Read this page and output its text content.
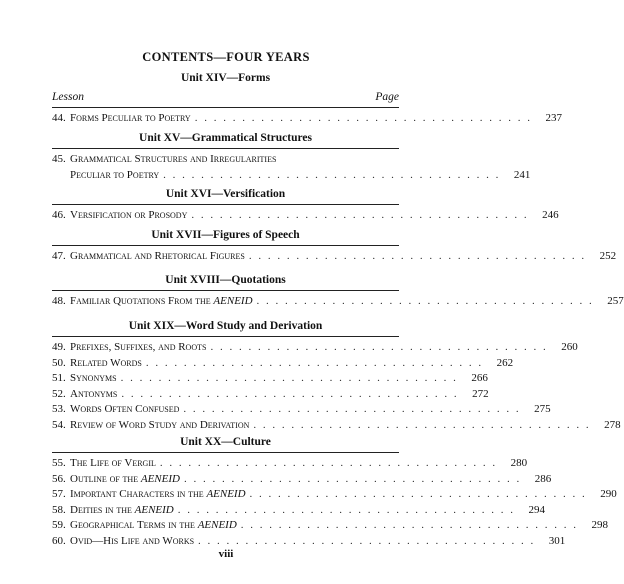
CONTENTS—FOUR YEARS
Unit XIV—Forms
Lesson	Page
44. Forms Peculiar to Poetry . . . . . . . . . . . . . . . . . . . . . . . . . . . . . . . . . . . .	237
Unit XV—Grammatical Structures
45. Grammatical Structures and Irregularities
Peculiar to Poetry . . . . . . . . . . . . . . . . . . . . . . . . . . . . . . . . . . . .	241
Unit XVI—Versification
46. Versification or Prosody . . . . . . . . . . . . . . . . . . . . . . . . . . . . . . . . . . . .	246
Unit XVII—Figures of Speech
47. Grammatical and Rhetorical Figures . . . . . . . . . . . . . . . . . . . . . . . . . . . . . . . . . . . .	252
Unit XVIII—Quotations
48. Familiar Quotations From the AENEID . . . . . . . . . . . . . . . . . . . . . . . . . . . . . . . . . . . .	257
Unit XIX—Word Study and Derivation
49. Prefixes, Suffixes, and Roots . . . . . . . . . . . . . . . . . . . . . . . . . . . . . . . . . . . .	260
50. Related Words . . . . . . . . . . . . . . . . . . . . . . . . . . . . . . . . . . . .	262
51. Synonyms . . . . . . . . . . . . . . . . . . . . . . . . . . . . . . . . . . . .	266
52. Antonyms . . . . . . . . . . . . . . . . . . . . . . . . . . . . . . . . . . . .	272
53. Words Often Confused . . . . . . . . . . . . . . . . . . . . . . . . . . . . . . . . . . . .	275
54. Review of Word Study and Derivation . . . . . . . . . . . . . . . . . . . . . . . . . . . . . . . . . . . .	278
Unit XX—Culture
55. The Life of Vergil . . . . . . . . . . . . . . . . . . . . . . . . . . . . . . . . . . . .	280
56. Outline of the AENEID . . . . . . . . . . . . . . . . . . . . . . . . . . . . . . . . . . . .	286
57. Important Characters in the AENEID . . . . . . . . . . . . . . . . . . . . . . . . . . . . . . . . . . . .	290
58. Deities in the AENEID . . . . . . . . . . . . . . . . . . . . . . . . . . . . . . . . . . . .	294
59. Geographical Terms in the AENEID . . . . . . . . . . . . . . . . . . . . . . . . . . . . . . . . . . . .	298
60. Ovid—His Life and Works . . . . . . . . . . . . . . . . . . . . . . . . . . . . . . . . . . . .	301
viii
